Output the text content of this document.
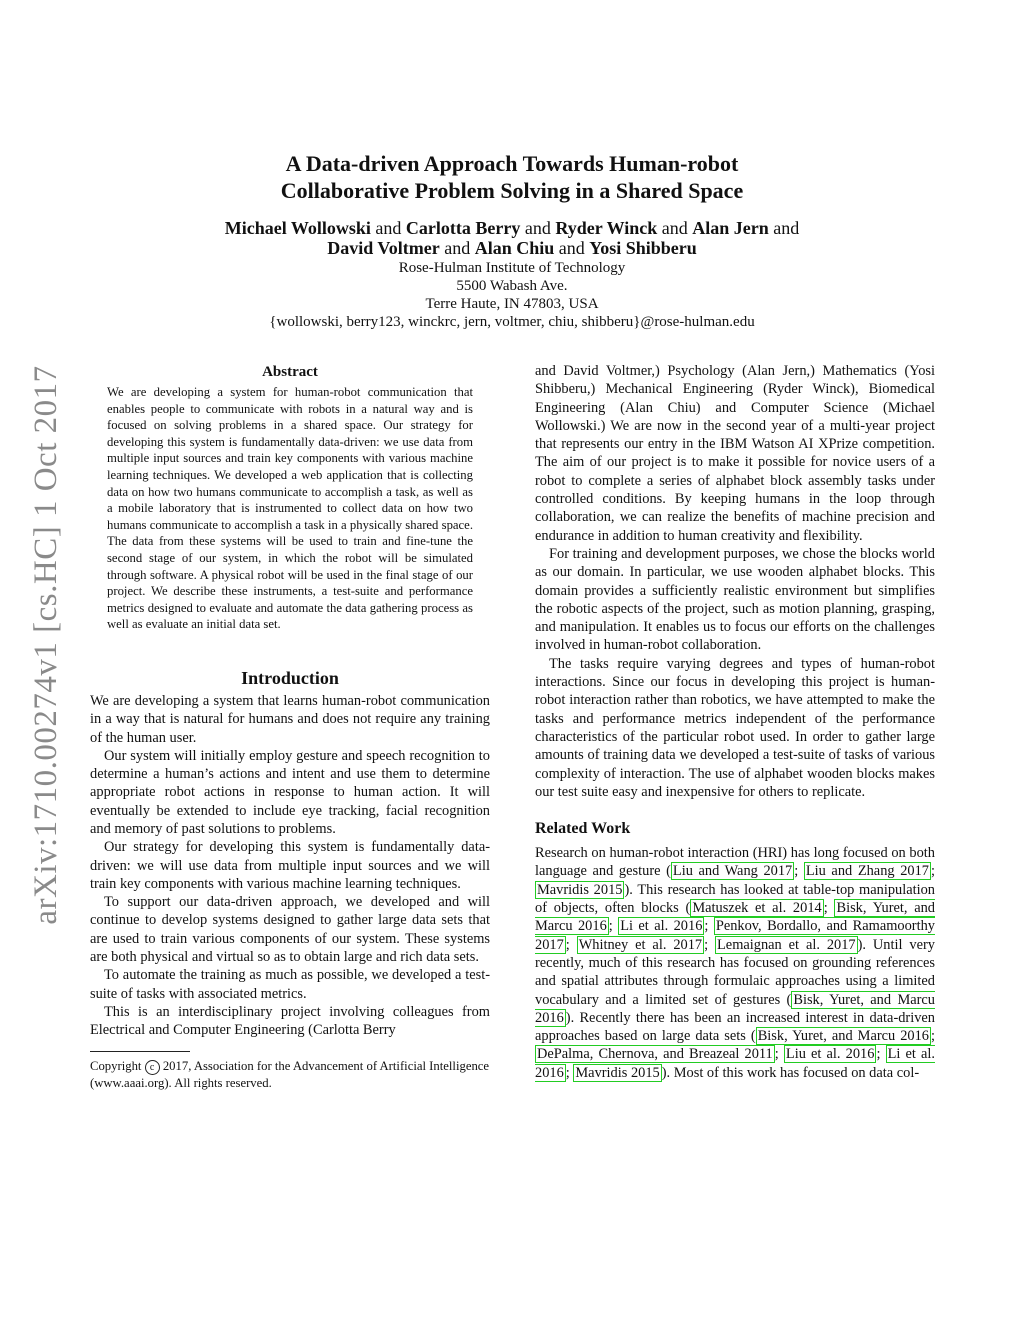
arXiv:1710.00274v1 [cs.HC] 1 Oct 2017
A Data-driven Approach Towards Human-robot
Collaborative Problem Solving in a Shared Space
Michael Wollowski and Carlotta Berry and Ryder Winck and Alan Jern and
David Voltmer and Alan Chiu and Yosi Shibberu
Rose-Hulman Institute of Technology
5500 Wabash Ave.
Terre Haute, IN 47803, USA
{wollowski, berry123, winckrc, jern, voltmer, chiu, shibberu}@rose-hulman.edu
Abstract
We are developing a system for human-robot communication that enables people to communicate with robots in a natural way and is focused on solving problems in a shared space. Our strategy for developing this system is fundamentally data-driven: we use data from multiple input sources and train key components with various machine learning techniques. We developed a web application that is collecting data on how two humans communicate to accomplish a task, as well as a mobile laboratory that is instrumented to collect data on how two humans communicate to accomplish a task in a physically shared space. The data from these systems will be used to train and fine-tune the second stage of our system, in which the robot will be simulated through software. A physical robot will be used in the final stage of our project. We describe these instruments, a test-suite and performance metrics designed to evaluate and automate the data gathering process as well as evaluate an initial data set.
Introduction

We are developing a system that learns human-robot communication in a way that is natural for humans and does not require any training of the human user.

Our system will initially employ gesture and speech recognition to determine a human’s actions and intent and use them to determine appropriate robot actions in response to human action. It will eventually be extended to include eye tracking, facial recognition and memory of past solutions to problems.

Our strategy for developing this system is fundamentally data-driven: we will use data from multiple input sources and we will train key components with various machine learning techniques.

To support our data-driven approach, we developed and will continue to develop systems designed to gather large data sets that are used to train various components of our system. These systems are both physical and virtual so as to obtain large and rich data sets.

To automate the training as much as possible, we developed a test-suite of tasks with associated metrics.

This is an interdisciplinary project involving colleagues from Electrical and Computer Engineering (Carlotta Berry

Copyright c 2017, Association for the Advancement of Artificial Intelligence (www.aaai.org). All rights reserved.

and David Voltmer,) Psychology (Alan Jern,) Mathematics (Yosi Shibberu,) Mechanical Engineering (Ryder Winck), Biomedical Engineering (Alan Chiu) and Computer Science (Michael Wollowski.) We are now in the second year of a multi-year project that represents our entry in the IBM Watson AI XPrize competition. The aim of our project is to make it possible for novice users of a robot to complete a series of alphabet block assembly tasks under controlled conditions. By keeping humans in the loop through collaboration, we can realize the benefits of machine precision and endurance in addition to human creativity and flexibility.

For training and development purposes, we chose the blocks world as our domain. In particular, we use wooden alphabet blocks. This domain provides a sufficiently realistic environment but simplifies the robotic aspects of the project, such as motion planning, grasping, and manipulation. It enables us to focus our efforts on the challenges involved in human-robot collaboration.

The tasks require varying degrees and types of human-robot interactions. Since our focus in developing this project is human-robot interaction rather than robotics, we have attempted to make the tasks and performance metrics independent of the performance characteristics of the particular robot used. In order to gather large amounts of training data we developed a test-suite of tasks of various complexity of interaction. The use of alphabet wooden blocks makes our test suite easy and inexpensive for others to replicate.

Related Work

Research on human-robot interaction (HRI) has long focused on both language and gesture ( Liu and Wang 2017 ; Liu and Zhang 2017 ; Mavridis 2015 ). This research has looked at table-top manipulation of objects, often blocks ( Matuszek et al. 2014 ; Bisk, Yuret, and Marcu 2016 ; Li et al. 2016 ; Penkov, Bordallo, and Ramamoorthy 2017 ; Whitney et al. 2017 ; Lemaignan et al. 2017 ). Until very recently, much of this research has focused on grounding references and spatial attributes through formulaic approaches using a limited vocabulary and a limited set of gestures ( Bisk, Yuret, and Marcu 2016 ). Recently there has been an increased interest in data-driven approaches based on large data sets ( Bisk, Yuret, and Marcu 2016 ; DePalma, Chernova, and Breazeal 2011 ; Liu et al. 2016 ; Li et al. 2016 ; Mavridis 2015 ). Most of this work has focused on data col-
